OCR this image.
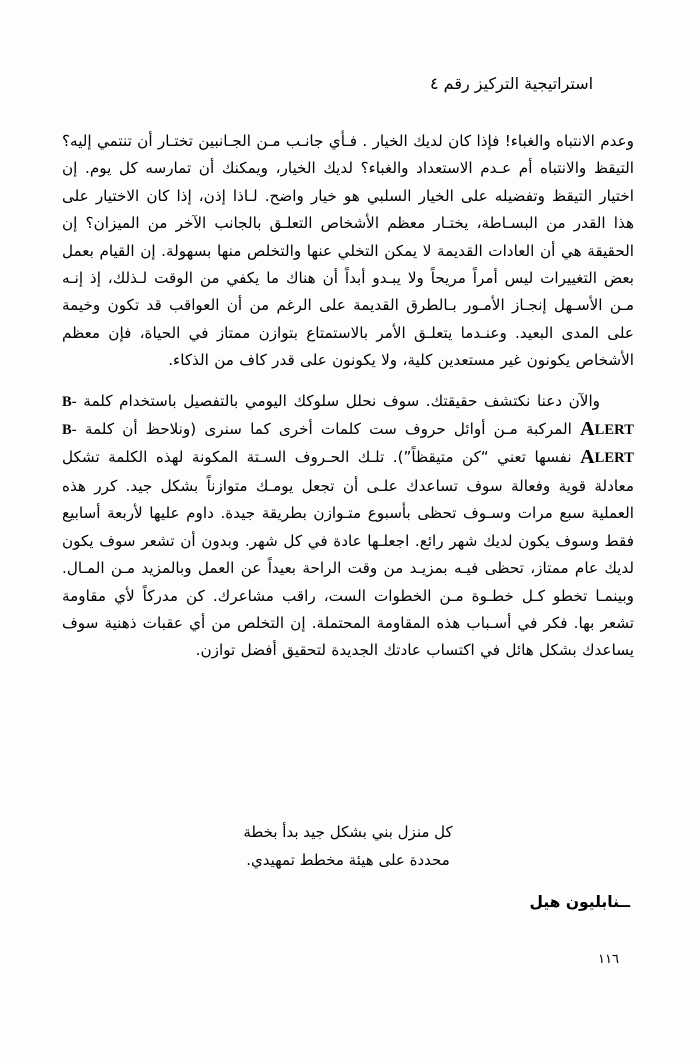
استراتيجية التركيز رقم ٤

وعدم الانتباه والغباء! فإذا كان لديك الخيار . فـأي جانـب مـن الجـانبين تختـار أن تنتمي إليه؟ التيقظ والانتباه أم عـدم الاستعداد والغباء؟ لديك الخيار، ويمكنك أن تمارسه كل يوم. إن اختيار التيقظ وتفضيله على الخيار السلبي هو خيار واضح. لـاذا إذن، إذا كان الاختيار على هذا القدر من البسـاطة، يختـار معظم الأشخاص التعلـق بالجانب الآخر من الميزان؟ إن الحقيقة هي أن العادات القديمة لا يمكن التخلي عنها والتخلص منها بسهولة. إن القيام بعمل بعض التغييرات ليس أمراً مريحاً ولا يبـدو أبداً أن هناك ما يكفي من الوقت لـذلك، إذ إنـه مـن الأسـهل إنجـاز الأمـور بـالطرق القديمة على الرغم من أن العواقب قد تكون وخيمة على المدى البعيد. وعنـدما يتعلـق الأمر بالاستمتاع بتوازن ممتاز في الحياة، فإن معظم الأشخاص يكونون غير مستعدين كلية، ولا يكونون على قدر كاف من الذكاء.

والآن دعنا نكتشف حقيقتك. سوف نحلل سلوكك اليومي بالتفصيل باستخدام كلمة B-ALERT المركبة مـن أوائل حروف ست كلمات أخرى كما سنرى (ونلاحظ أن كلمة B-ALERT نفسها تعني “كن متيقظاً”). تلـك الحـروف السـتة المكونة لهذه الكلمة تشكل معادلة قوية وفعالة سوف تساعدك علـى أن تجعل يومـك متوازناً بشكل جيد. كرر هذه العملية سبع مرات وسـوف تحظى بأسبوع متـوازن بطريقة جيدة. داوم عليها لأربعة أسابيع فقط وسوف يكون لديك شهر رائع. اجعلـها عادة في كل شهر. وبدون أن تشعر سوف يكون لديك عام ممتاز، تحظى فيـه بمزيـد من وقت الراحة بعيداً عن العمل وبالمزيد مـن المـال. وبينمـا تخطو كـل خطـوة مـن الخطوات الست، راقب مشاعرك. كن مدركاً لأي مقاومة تشعر بها. فكر في أسـباب هذه المقاومة المحتملة. إن التخلص من أي عقبات ذهنية سوف يساعدك بشكل هائل في اكتساب عادتك الجديدة لتحقيق أفضل توازن.

كل منزل بني بشكل جيد بدأ بخطة
محددة على هيئة مخطط تمهيدي.
ــنابليون هيل
١١٦
